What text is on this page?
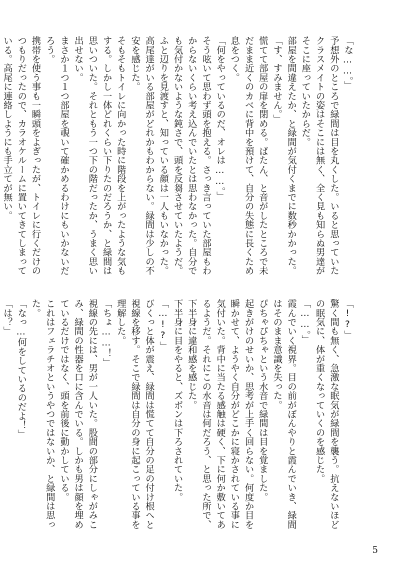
「な……。」

予想外のところで緑間は目を丸くした。いると思っていたクラスメイトの姿はそこには無く、全く見も知らぬ男達がそこに座っていたからだ。

部屋を間違えたか、と緑間が気付くまでに数秒かかった。

「す、すみません。」

慌てて部屋の扉を閉める。ばたん、と音がしたところで未だまま近くのカベに背中を預けて、自分の失態に長くため息をつく。

「何をやっているのだ、オレは……。」

そう呟いて思わず頭を抱える。さっき言っていた部屋もわからないくらい考え込んでいたとは思わなかった。自分でも気付かないような鈍さで、頭を反芻させていたようだ。

ふと辺りを見渡すと、知っている顔は一人もいなかった。高尾達がいる部屋がどれかもわからない。緑間は少しの不安を感じた。

そもそもトイレに向かった時に階段を上がったような気もする。しかし一体どれくらい下りたのだろうか、と緑間は思いついた。それともう一つ下の階だったか、うまく思い出せない。

まさか１つ１つ部屋を覗いて確かめるわけにもいかないだろう。

携帯を使う事も一瞬頭をよぎったが、トイレに行くだけのつもりだったので、カラオケルームに置いてきてしまっている。高尾に連絡しようにも手立てが無い。

「!?」

驚く間も無く、急激な眠気が緑間を襲う。抗えないほどの眠気に、体が重くなっていくのを感じた。

「……。」

霞んでいく視界。目の前がぼんやりと霞んでいき、緑間はそのまま意識を失った。

ぴちゃぴちゃという水音で緑間は目を覚ました。

起きがけのせいか、思考が上手く回らない。何度か目を瞬かせて、ようやく自分がどこかに寝かされている事に気付いた。背中に当たる感触は硬く、下に何か敷いてあるようだ。それにこの水音は何だろう、と思った所で、下半身に違和感を感じた。

下半身に目をやると、ズボンは下ろされていた。

「…!?」

びくっと体が震え、緑間は慌てて自分の足の付け根へと視線を移す。そこで緑間は自分の身に起こっている事を理解した。

「ちょ……！」

視線の先には、男が一人いた。股間の部分にしゃがみこみ、緑間の性器を口に含んでいる。しかも男は顔を埋めているだけではなく、頭を前後に動かしている。

これはフェラチオというやつではないか、と緑間は思った。

「なっ…何をしているのだよ！」

「は？」

5
